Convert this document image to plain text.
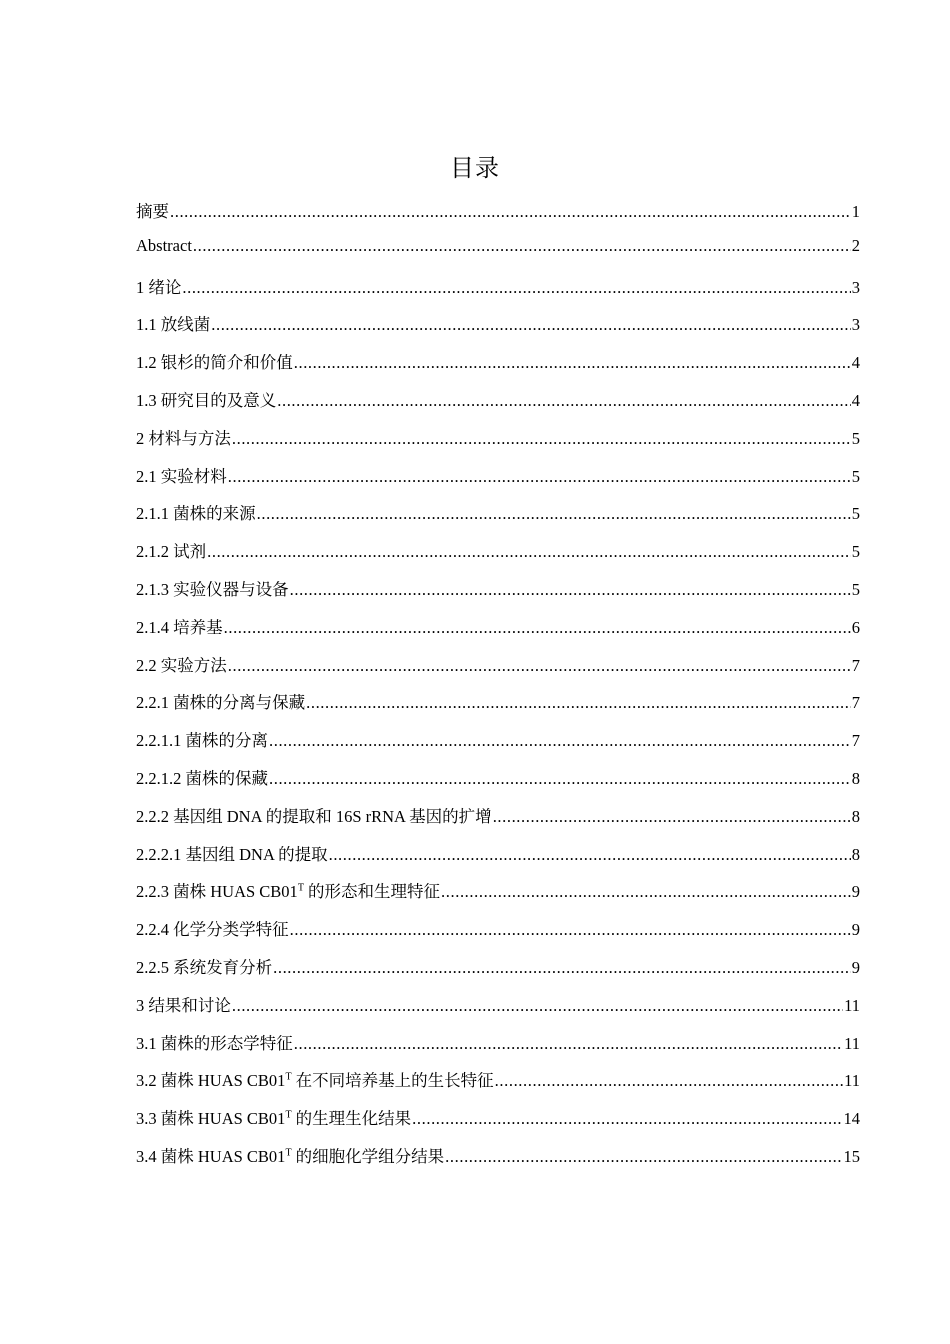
目录
摘要 .....	1
Abstract .....	2
1 绪论 .....	3
1.1 放线菌 .....	3
1.2 银杉的简介和价值 .....	4
1.3 研究目的及意义 .....	4
2 材料与方法 .....	5
2.1 实验材料 .....	5
2.1.1 菌株的来源 .....	5
2.1.2 试剂 .....	5
2.1.3 实验仪器与设备 .....	5
2.1.4 培养基 .....	6
2.2 实验方法 .....	7
2.2.1 菌株的分离与保藏 .....	7
2.2.1.1 菌株的分离 .....	7
2.2.1.2 菌株的保藏 .....	8
2.2.2 基因组 DNA 的提取和 16S rRNA 基因的扩增 .....	8
2.2.2.1 基因组 DNA 的提取 .....	8
2.2.3 菌株 HUAS $CB01^T$ 的形态和生理特征 .....	9
2.2.4 化学分类学特征 .....	9
2.2.5 系统发育分析 .....	9
3 结果和讨论 .....	11
3.1 菌株的形态学特征 .....	11
3.2 菌株 HUAS $CB01^T$ 在不同培养基上的生长特征 .....	11
3.3 菌株 HUAS $CB01^T$ 的生理生化结果 .....	14
3.4 菌株 HUAS $CB01^T$ 的细胞化学组分结果 .....	15
